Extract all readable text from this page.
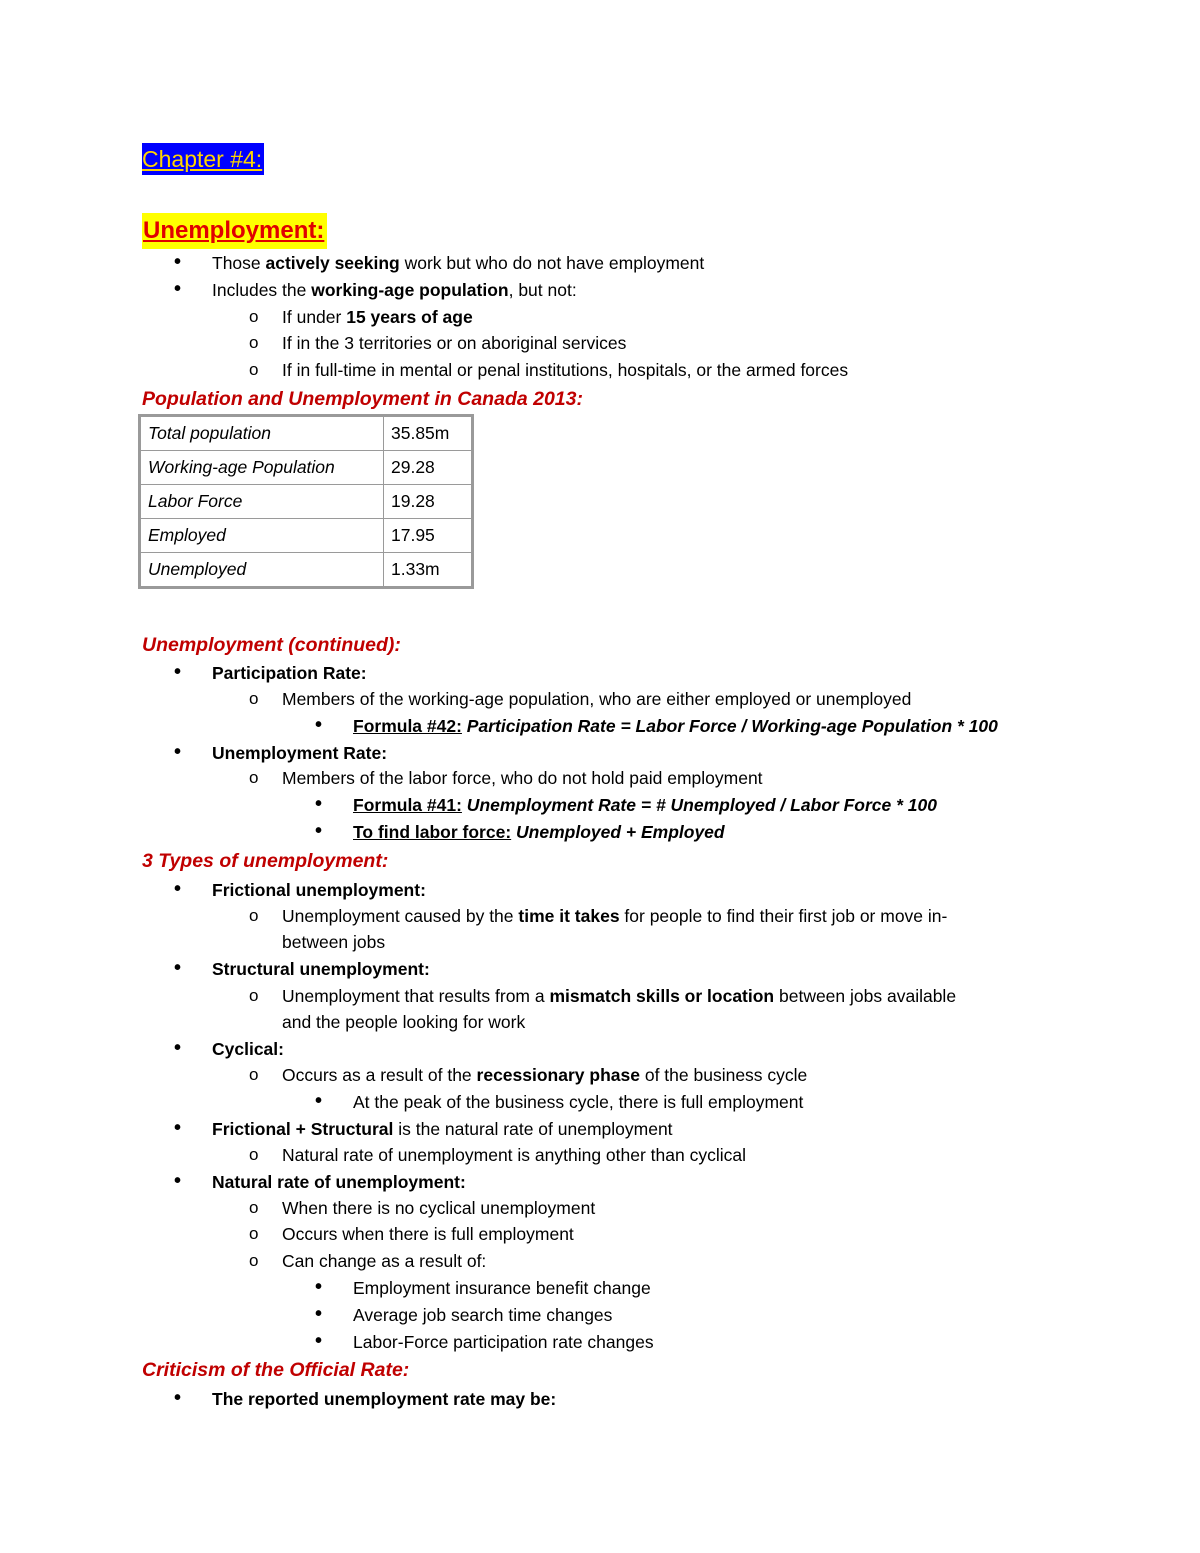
Chapter #4:
Unemployment:
• Those actively seeking work but who do not have employment
• Includes the working-age population, but not:
o If under 15 years of age
o If in the 3 territories or on aboriginal services
o If in full-time in mental or penal institutions, hospitals, or the armed forces
Population and Unemployment in Canada 2013:
Total population	35.85m
Working-age Population	29.28
Labor Force	19.28
Employed	17.95
Unemployed	1.33m
Unemployment (continued):
• Participation Rate:
o Members of the working-age population, who are either employed or unemployed
• Formula #42: Participation Rate = Labor Force / Working-age Population * 100
• Unemployment Rate:
o Members of the labor force, who do not hold paid employment
• Formula #41: Unemployment Rate = # Unemployed / Labor Force * 100
• To find labor force: Unemployed + Employed
3 Types of unemployment:
• Frictional unemployment:
o Unemployment caused by the time it takes for people to find their first job or move in-
between jobs
• Structural unemployment:
o Unemployment that results from a mismatch skills or location between jobs available
and the people looking for work
• Cyclical:
o Occurs as a result of the recessionary phase of the business cycle
• At the peak of the business cycle, there is full employment
• Frictional + Structural is the natural rate of unemployment
o Natural rate of unemployment is anything other than cyclical
• Natural rate of unemployment:
o When there is no cyclical unemployment
o Occurs when there is full employment
o Can change as a result of:
• Employment insurance benefit change
• Average job search time changes
• Labor-Force participation rate changes
Criticism of the Official Rate:
• The reported unemployment rate may be:
